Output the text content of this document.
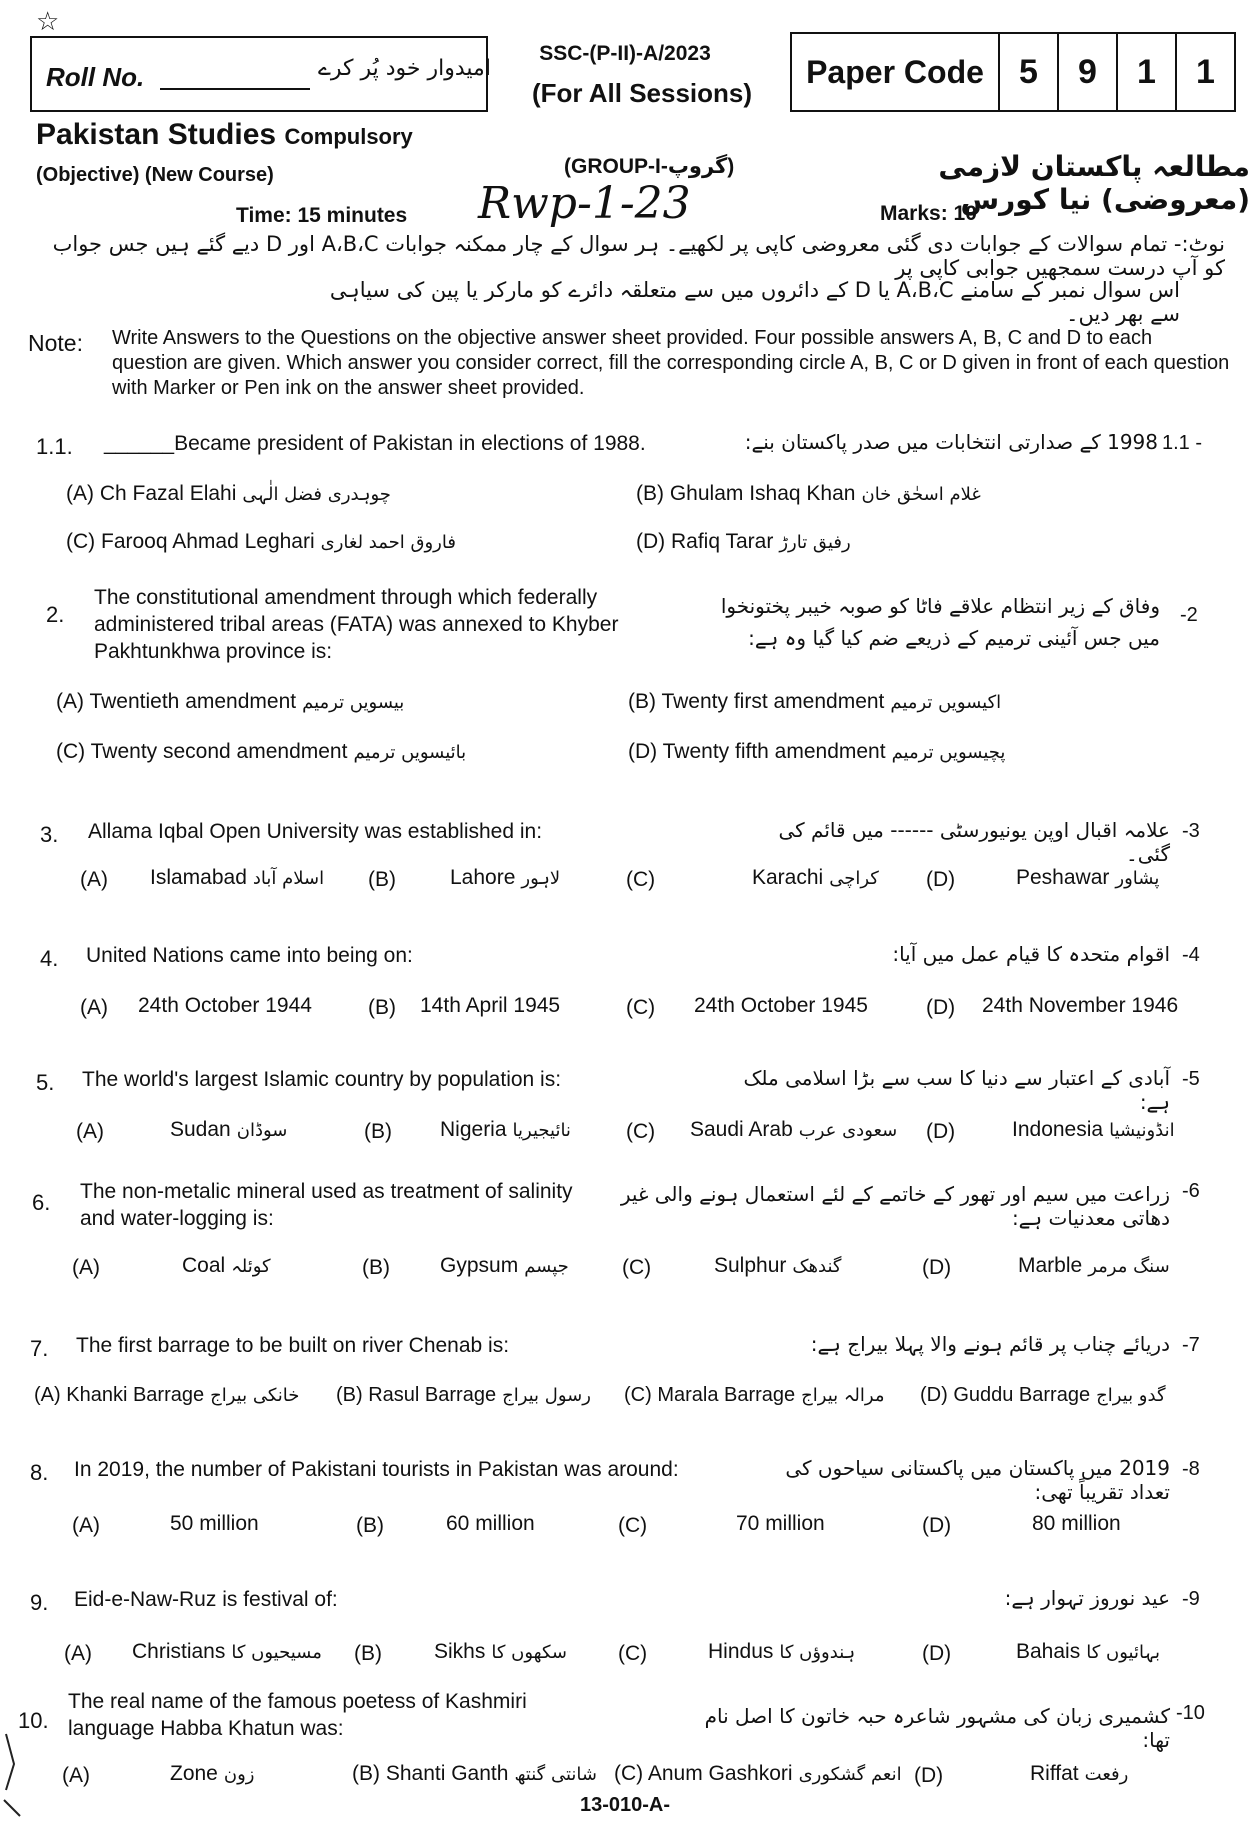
☆
Roll No.	امیدوار خود پُر کرے
SSC-(P-II)-A/2023
(For All Sessions)
Paper Code	5	9	1	1
Pakistan Studies Compulsory
(Objective) (New Course)	(GROUP-I-گروپ)	مطالعہ پاکستان لازمی (معروضی) نیا کورس
Time: 15 minutes Rwp-1-23	Marks: 10
نوٹ:- تمام سوالات کے جوابات دی گئی معروضی کاپی پر لکھیے۔ ہر سوال کے چار ممکنہ جوابات A،B،C اور D دیے گئے ہیں جس جواب کو آپ درست سمجھیں جوابی کاپی پر
اس سوال نمبر کے سامنے A،B،C یا D کے دائروں میں سے متعلقہ دائرے کو مارکر یا پین کی سیاہی سے بھر دیں۔
Note: Write Answers to the Questions on the objective answer sheet provided. Four possible answers A, B, C and D to each question are given. Which answer you consider correct, fill the corresponding circle A, B, C or D given in front of each question with Marker or Pen ink on the answer sheet provided.
1.1. ______Became president of Pakistan in elections of 1988.	1998 کے صدارتی انتخابات میں صدر پاکستان بنے: 1.1 -
(A) Ch Fazal Elahi چوہدری فضل الٰہی	(B) Ghulam Ishaq Khan غلام اسحٰق خان
(C) Farooq Ahmad Leghari فاروق احمد لغاری	(D) Rafiq Tarar رفیق تارڑ
2.
The constitutional amendment through which federally administered tribal areas (FATA) was annexed to Khyber Pakhtunkhwa province is:
وفاق کے زیر انتظام علاقے فاٹا کو صوبہ خیبر پختونخوا میں جس آئینی ترمیم کے ذریعے ضم کیا گیا وہ ہے:
-2
(A) Twentieth amendment بیسویں ترمیم	(B) Twenty first amendment اکیسویں ترمیم
(C) Twenty second amendment بائیسویں ترمیم	(D) Twenty fifth amendment پچیسویں ترمیم
3. Allama Iqbal Open University was established in:	علامہ اقبال اوپن یونیورسٹی ------ میں قائم کی گئی۔
-3
(A) Islamabad اسلام آباد (B)	Lahore لاہور	(C)	Karachi کراچی (D)	Peshawar پشاور
4. United Nations came into being on:	اقوام متحدہ کا قیام عمل میں آیا: -4
(A) 24th October 1944	(B) 14th April 1945	(C) 24th October 1945	(D) 24th November 1946
5. The world's largest Islamic country by population is:	آبادی کے اعتبار سے دنیا کا سب سے بڑا اسلامی ملک ہے:
-5
(A)	Sudan سوڈان	(B) Nigeria نائیجیریا	(C) Saudi Arab سعودی عرب (D)	Indonesia انڈونیشیا
6. The non-metalic mineral used as treatment of salinity and water-logging is:
زراعت میں سیم اور تھور کے خاتمے کے لئے استعمال ہونے والی غیر دھاتی معدنیات ہے:
-6
(A)	Coal کوئلہ	(B) Gypsum جپسم	(C)	Sulphur گندھک	(D)	Marble سنگ مرمر
7. The first barrage to be built on river Chenab is:	دریائے چناب پر قائم ہونے والا پہلا بیراج ہے: -7
(A) Khanki Barrage خانکی بیراج (B) Rasul Barrage رسول بیراج (C) Marala Barrage مرالہ بیراج (D) Guddu Barrage گدو بیراج
8. In 2019, the number of Pakistani tourists in Pakistan was around:	2019 میں پاکستان میں پاکستانی سیاحوں کی تعداد تقریباً تھی:
-8
(A)	50 million	(B)	60 million	(C)	70 million	(D)	80 million
9. Eid-e-Naw-Ruz is festival of:	عید نوروز تہوار ہے: -9
(A) Christians مسیحیوں کا (B) Sikhs سکھوں کا (C)	Hindus ہندوؤں کا	(D)	Bahais بہائیوں کا
10.
The real name of the famous poetess of Kashmiri language Habba Khatun was:
کشمیری زبان کی مشہور شاعرہ حبہ خاتون کا اصل نام تھا:
-10
(A)	Zone زون	(B) Shanti Ganth شانتی گنتھ (C) Anum Gashkori انعم گشکوری (D)	Riffat رفعت
13-010-A-
